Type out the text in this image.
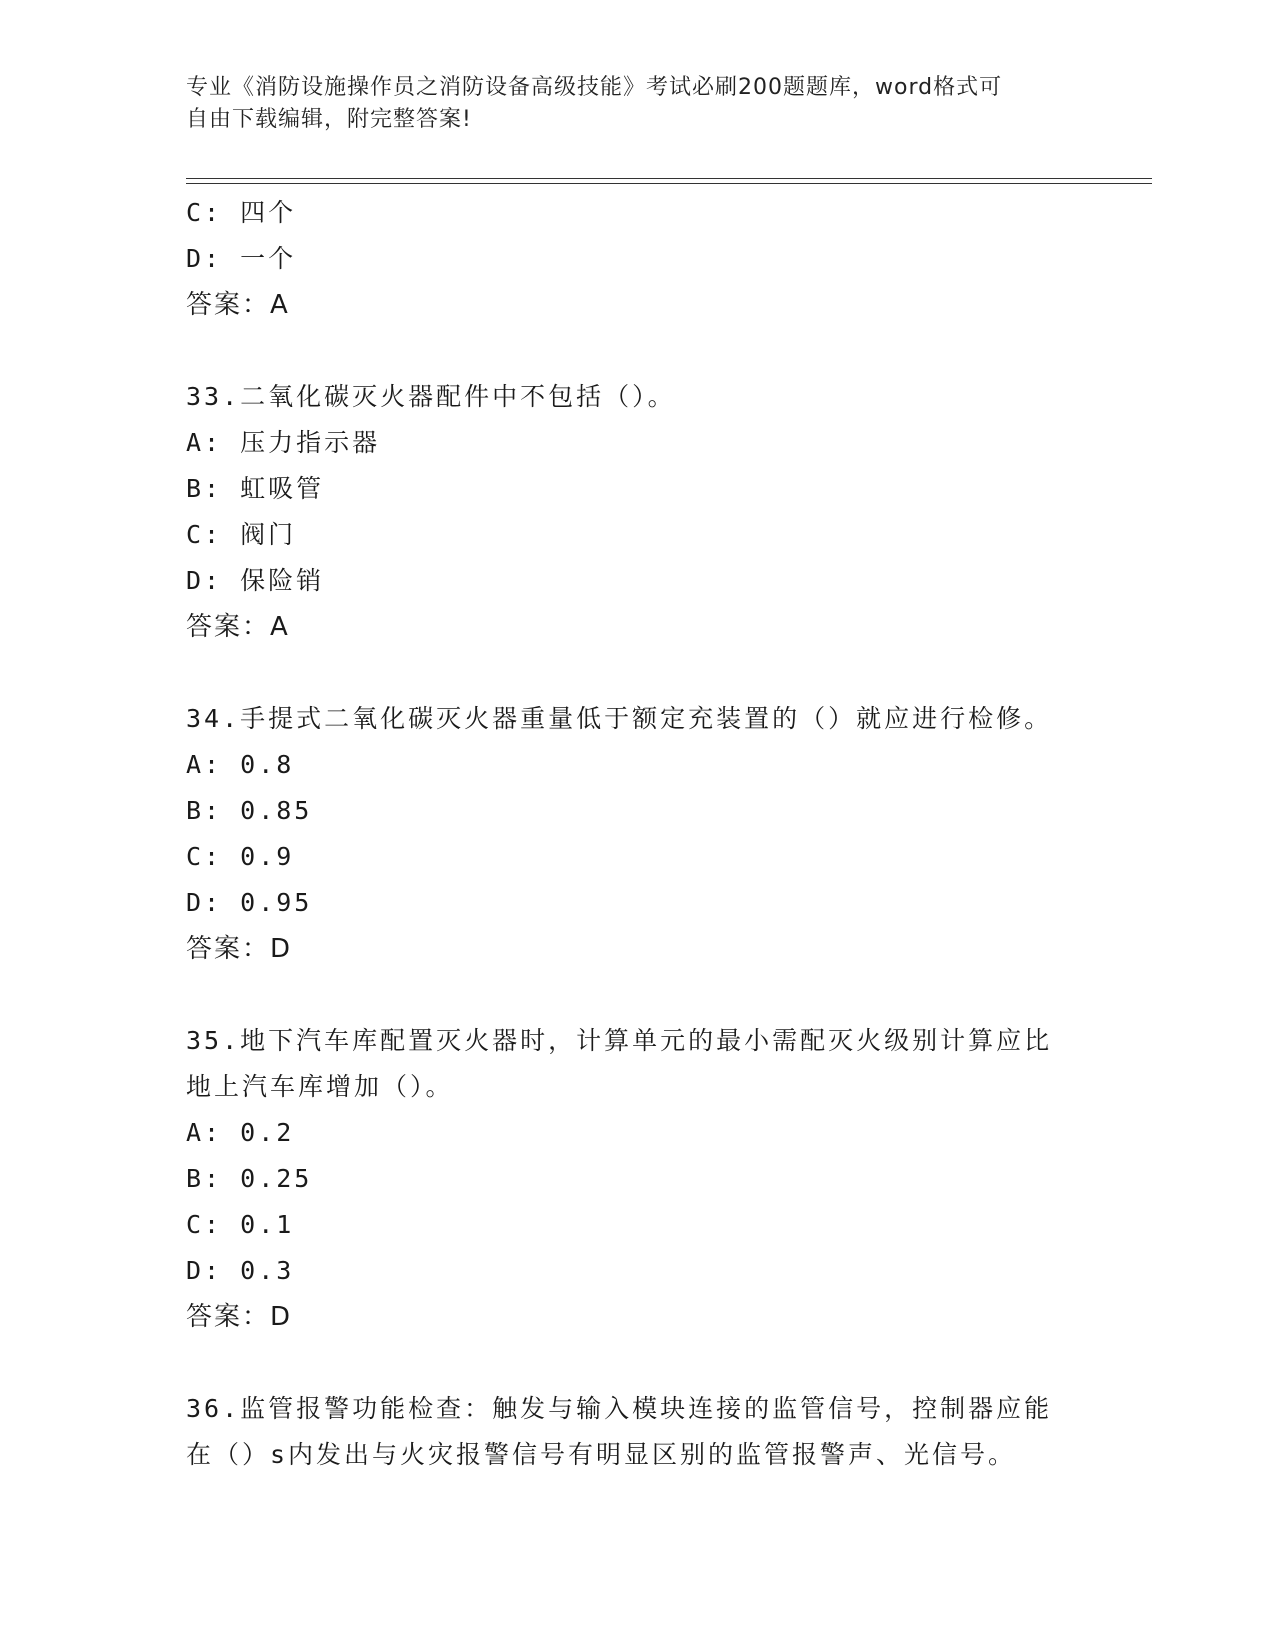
专业《消防设施操作员之消防设备高级技能》考试必刷200题题库，word格式可
自由下载编辑，附完整答案!
C: 四个
D: 一个
答案：A
33.二氧化碳灭火器配件中不包括（）。
A: 压力指示器
B: 虹吸管
C: 阀门
D: 保险销
答案：A
34.手提式二氧化碳灭火器重量低于额定充装置的（）就应进行检修。
A: 0.8
B: 0.85
C: 0.9
D: 0.95
答案：D
35.地下汽车库配置灭火器时，计算单元的最小需配灭火级别计算应比
地上汽车库增加（）。
A: 0.2
B: 0.25
C: 0.1
D: 0.3
答案：D
36.监管报警功能检查：触发与输入模块连接的监管信号，控制器应能
在（）s内发出与火灾报警信号有明显区别的监管报警声、光信号。
